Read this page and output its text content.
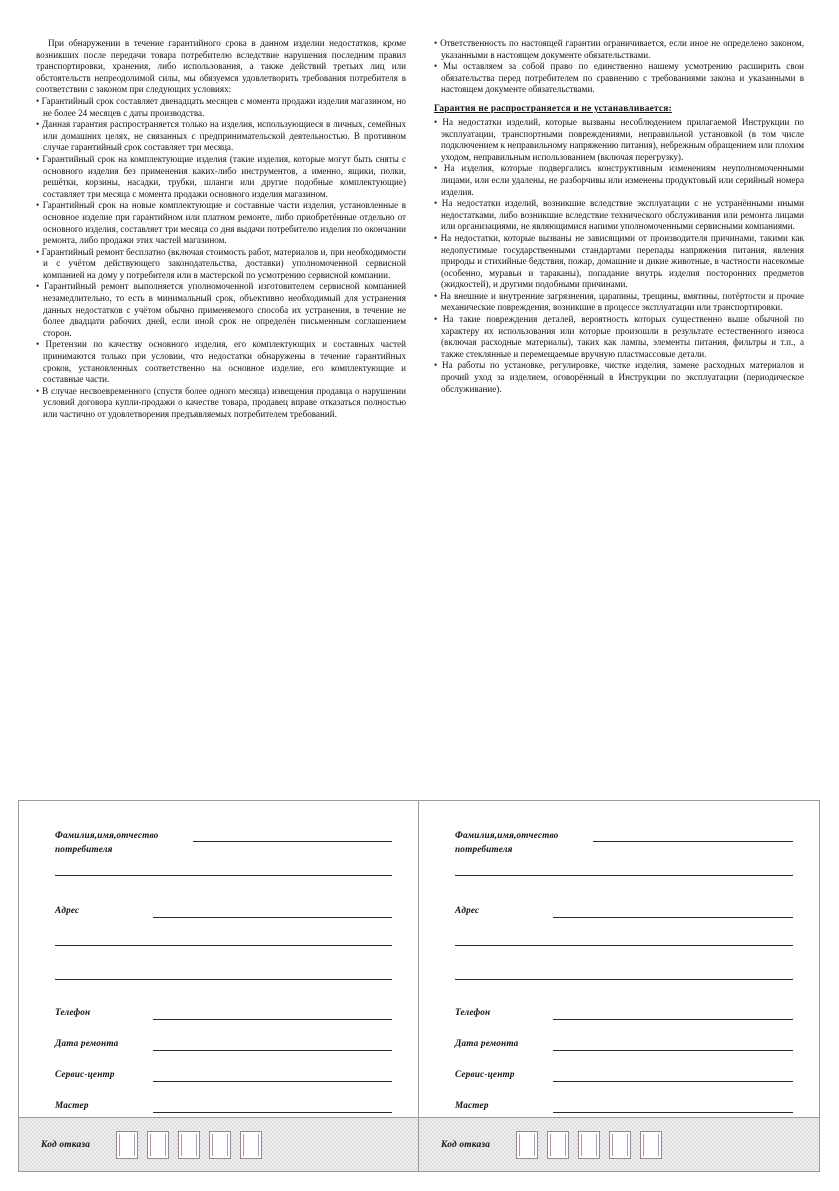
При обнаружении в течение гарантийного срока в данном изделии недостатков, кроме возникших после передачи товара потребителю вследствие нарушения последним правил транспортировки, хранения, либо использования, а также действий третьих лиц или обстоятельств непреодолимой силы, мы обязуемся удовлетворить требования потребителя в соответствии с законом при следующих условиях:

• Гарантийный срок составляет двенадцать месяцев с момента продажи изделия магазином, но не более 24 месяцев с даты производства.

• Данная гарантия распространяется только на изделия, использующиеся в личных, семейных или домашних целях, не связанных с предпринимательской деятельностью. В противном случае гарантийный срок составляет три месяца.

• Гарантийный срок на комплектующие изделия (такие изделия, которые могут быть сняты с основного изделия без применения каких-либо инструментов, а именно, ящики, полки, решётки, корзины, насадки, трубки, шланги или другие подобные комплектующие) составляет три месяца с момента продажи основного изделия магазином.

• Гарантийный срок на новые комплектующие и составные части изделия, установленные в основное изделие при гарантийном или платном ремонте, либо приобретённые отдельно от основного изделия, составляет три месяца со дня выдачи потребителю изделия по окончании ремонта, либо продажи этих частей магазином.

• Гарантийный ремонт бесплатно (включая стоимость работ, материалов и, при необходимости и с учётом действующего законодательства, доставки) уполномоченной сервисной компанией на дому у потребителя или в мастерской по усмотрению сервисной компании.

• Гарантийный ремонт выполняется уполномоченной изготовителем сервисной компанией незамедлительно, то есть в минимальный срок, объективно необходимый для устранения данных недостатков с учётом обычно применяемого способа их устранения, в течение не более двадцати рабочих дней, если иной срок не определён письменным соглашением сторон.

• Претензии по качеству основного изделия, его комплектующих и составных частей принимаются только при условии, что недостатки обнаружены в течение гарантийных сроков, установленных соответственно на основное изделие, его комплектующие и составные части.

• В случае несвоевременного (спустя более одного месяца) извещения продавца о нарушении условий договора купли-продажи о качестве товара, продавец вправе отказаться полностью или частично от удовлетворения предъявляемых потребителем требований.

• Ответственность по настоящей гарантии ограничивается, если иное не определено законом, указанными в настоящем документе обязательствами.

• Мы оставляем за собой право по единственно нашему усмотрению расширить свои обязательства перед потребителем по сравнению с требованиями закона и указанными в настоящем документе обязательствами.

Гарантия не распространяется и не устанавливается:

• На недостатки изделий, которые вызваны несоблюдением прилагаемой Инструкции по эксплуатации, транспортными повреждениями, неправильной установкой (в том числе подключением к неправильному напряжению питания), небрежным обращением или плохим уходом, неправильным использованием (включая перегрузку).

• На изделия, которые подвергались конструктивным изменениям неуполномоченными лицами, или если удалены, не разборчивы или изменены продуктовый или серийный номера изделия.

• На недостатки изделий, возникшие вследствие эксплуатации с не устранёнными иными недостатками, либо возникшие вследствие технического обслуживания или ремонта лицами или организациями, не являющимися напими уполномоченными сервисными компаниями.

• На недостатки, которые вызваны не зависящими от производителя причинами, такими как недопустимые государственными стандартами перепады напряжения питания, явления природы и стихийные бедствия, пожар, домашние и дикие животные, в частности насекомые (особенно, муравьи и тараканы), попадание внутрь изделия посторонних предметов (жидкостей), и другими подобными причинами.

• На внешние и внутренние загрязнения, царапины, трещины, вмятины, потёртости и прочие механические повреждения, возникшие в процессе эксплуатации или транспортировки.

• На такие повреждения деталей, вероятность которых существенно выше обычной по характеру их использования или которые произошли в результате естественного износа (включая расходные материалы), таких как лампы, элементы питания, фильтры и т.п., а также стеклянные и перемещаемые вручную пластмассовые детали.

• На работы по установке, регулировке, чистке изделия, замене расходных материалов и прочий уход за изделием, оговорённый в Инструкции по эксплуатации (периодическое обслуживание).

Фамилия,имя,отчество
потребителя
Адрес
Телефон
Дата ремонта
Сервис-центр
Мастер
Код отказа
Фамилия,имя,отчество
потребителя
Адрес
Телефон
Дата ремонта
Сервис-центр
Мастер
Код отказа
